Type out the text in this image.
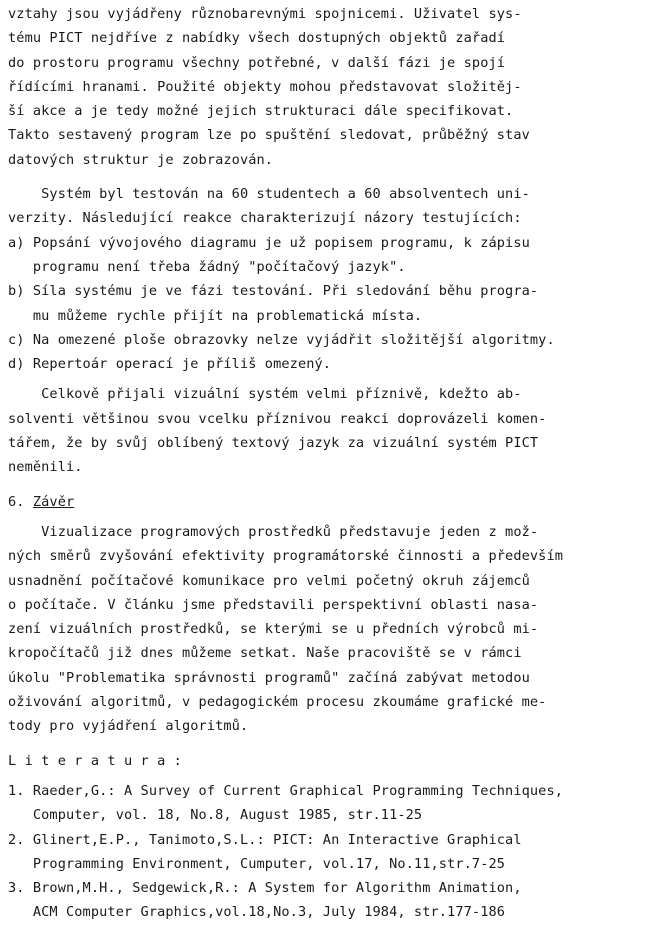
vztahy jsou vyjádřeny různobarevnými spojnicemi. Uživatel sys-
tému PICT nejdříve z nabídky všech dostupných objektů zařadí
do prostoru programu všechny potřebné, v další fázi je spojí
řídícími hranami. Použité objekty mohou představovat složitěj-
ší akce a je tedy možné jejich strukturaci dále specifikovat.
Takto sestavený program lze po spuštění sledovat, průběžný stav
datových struktur je zobrazován.
Systém byl testován na 60 studentech a 60 absolventech uni-
verzity. Následující reakce charakterizují názory testujících:
a) Popsání vývojového diagramu je už popisem programu, k zápisu
programu není třeba žádný "počítačový jazyk".
b) Síla systému je ve fázi testování. Při sledování běhu progra-
mu můžeme rychle přijít na problematická místa.
c) Na omezené ploše obrazovky nelze vyjádřit složitější algoritmy.
d) Repertoár operací je příliš omezený.
Celkově přijali vizuální systém velmi příznivě, kdežto ab-
solventi většinou svou vcelku příznivou reakci doprovázeli komen-
tářem, že by svůj oblíbený textový jazyk za vizuální systém PICT
neměnili.
6. Závěr
Vizualizace programových prostředků představuje jeden z mož-
ných směrů zvyšování efektivity programátorské činnosti a především
usnadnění počítačové komunikace pro velmi početný okruh zájemců
o počítače. V článku jsme představili perspektivní oblasti nasa-
zení vizuálních prostředků, se kterými se u předních výrobců mi-
kropočítačů již dnes můžeme setkat. Naše pracoviště se v rámci
úkolu "Problematika správnosti programů" začíná zabývat metodou
oživování algoritmů, v pedagogickém procesu zkoumáme grafické me-
tody pro vyjádření algoritmů.
L i t e r a t u r a :
1. Raeder,G.: A Survey of Current Graphical Programming Techniques,
Computer, vol. 18, No.8, August 1985, str.11-25
2. Glinert,E.P., Tanimoto,S.L.: PICT: An Interactive Graphical
Programming Environment, Cumputer, vol.17, No.11,str.7-25
3. Brown,M.H., Sedgewick,R.: A System for Algorithm Animation,
ACM Computer Graphics,vol.18,No.3, July 1984, str.177-186
